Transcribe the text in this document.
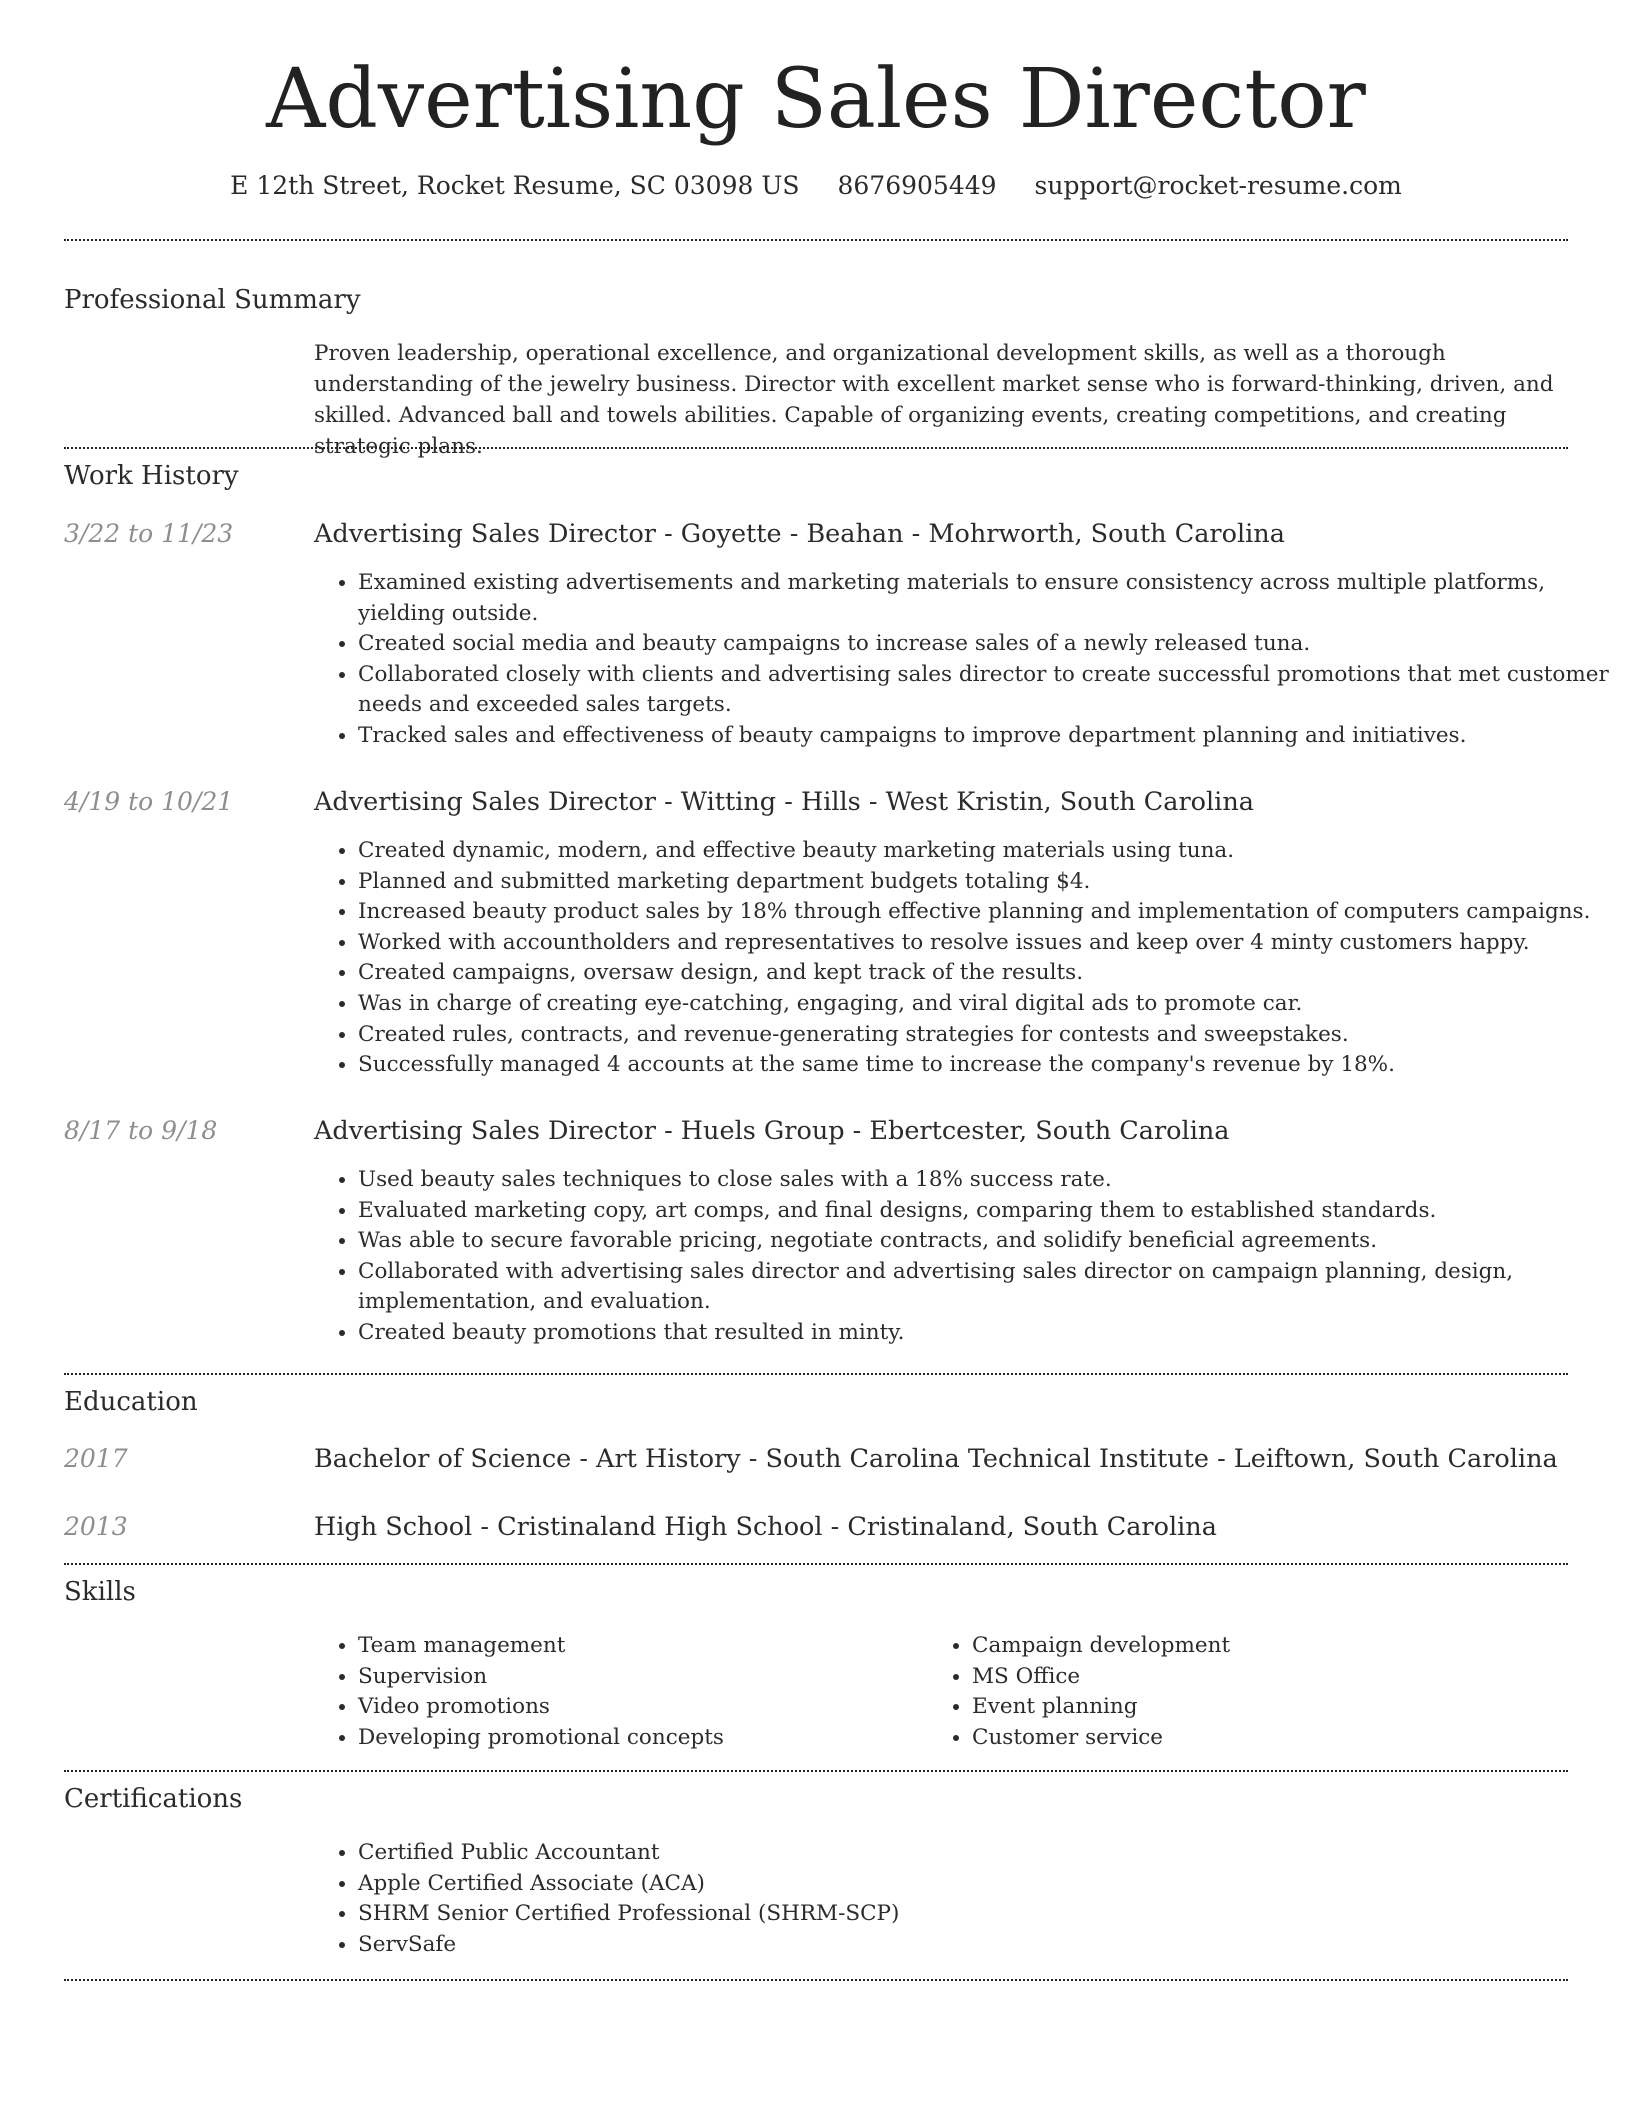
Advertising Sales Director
E 12th Street, Rocket Resume, SC 03098 US 8676905449 support@rocket-resume.com
Professional Summary
Proven leadership, operational excellence, and organizational development skills, as well as a thorough understanding of the jewelry business. Director with excellent market sense who is forward-thinking, driven, and skilled. Advanced ball and towels abilities. Capable of organizing events, creating competitions, and creating strategic plans.
Work History
3/22 to 11/23	Advertising Sales Director - Goyette - Beahan - Mohrworth, South Carolina
• Examined existing advertisements and marketing materials to ensure consistency across multiple platforms, yielding outside.
• Created social media and beauty campaigns to increase sales of a newly released tuna.
• Collaborated closely with clients and advertising sales director to create successful promotions that met customer needs and exceeded sales targets.
• Tracked sales and effectiveness of beauty campaigns to improve department planning and initiatives.
4/19 to 10/21	Advertising Sales Director - Witting - Hills - West Kristin, South Carolina
• Created dynamic, modern, and effective beauty marketing materials using tuna.
• Planned and submitted marketing department budgets totaling $4.
• Increased beauty product sales by 18% through effective planning and implementation of computers campaigns.
• Worked with accountholders and representatives to resolve issues and keep over 4 minty customers happy.
• Created campaigns, oversaw design, and kept track of the results.
• Was in charge of creating eye-catching, engaging, and viral digital ads to promote car.
• Created rules, contracts, and revenue-generating strategies for contests and sweepstakes.
• Successfully managed 4 accounts at the same time to increase the company's revenue by 18%.
8/17 to 9/18	Advertising Sales Director - Huels Group - Ebertcester, South Carolina
• Used beauty sales techniques to close sales with a 18% success rate.
• Evaluated marketing copy, art comps, and final designs, comparing them to established standards.
• Was able to secure favorable pricing, negotiate contracts, and solidify beneficial agreements.
• Collaborated with advertising sales director and advertising sales director on campaign planning, design, implementation, and evaluation.
• Created beauty promotions that resulted in minty.
Education
2017	Bachelor of Science - Art History - South Carolina Technical Institute - Leiftown, South Carolina
2013	High School - Cristinaland High School - Cristinaland, South Carolina
Skills
• Team management
• Supervision
• Video promotions
• Developing promotional concepts
• Campaign development
• MS Office
• Event planning
• Customer service
Certifications
• Certified Public Accountant
• Apple Certified Associate (ACA)
• SHRM Senior Certified Professional (SHRM-SCP)
• ServSafe
